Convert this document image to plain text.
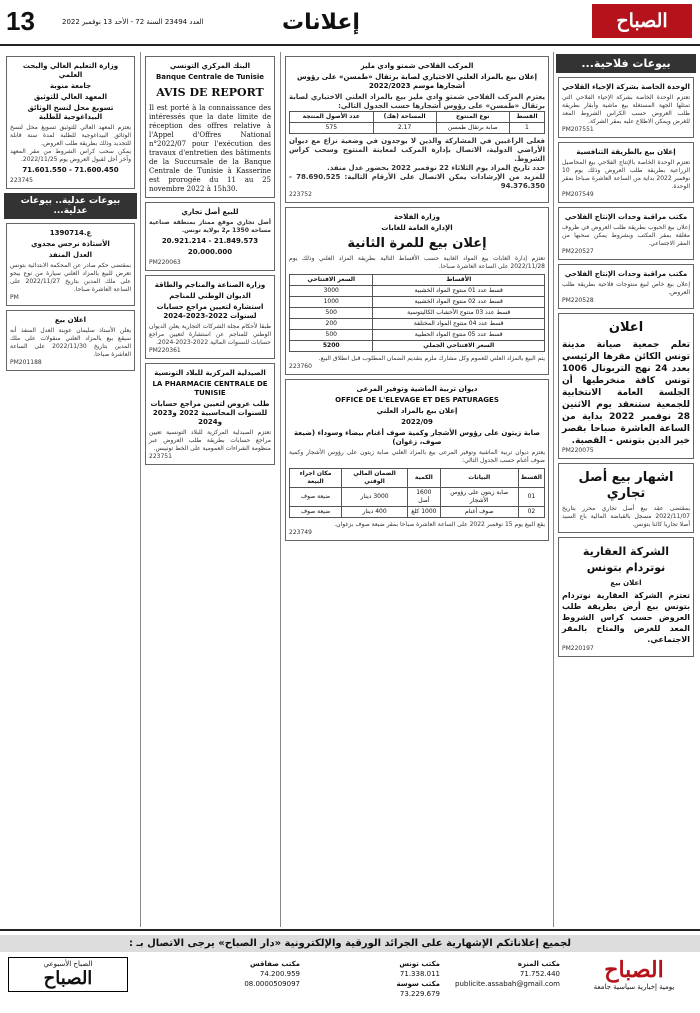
13	العدد 23494 السنة 72 - الأحد 13 نوفمبر 2022	إعلانات	الصباح
بيوعات فلاحية...
الوحدة الخاصة بشركة الإحياء الفلاحي
تعتزم الوحدة الخاصة بشركة الإحياء الفلاحي التي تمثلها الجهة المستغلة بيع ماشية وأبقار بطريقة طلب العروض حسب الكراس الشروط المعد للغرض ويمكن الاطلاع عليه بمقر الشركة.
PM207551
إعلان بيع بالطريقة التنافسية
تعتزم الوحدة الخاصة بالإنتاج الفلاحي بيع المحاصيل الزراعية بطريقة طلب العروض وذلك يوم 10 نوفمبر 2022 بداية من الساعة العاشرة صباحا بمقر الوحدة.
PM207549
مكتب مراقبة وحدات الإنتاج الفلاحي
إعلان بيع الحبوب بطريقة طلب العروض في ظروف مغلقة بمقر المكتب وبشروط يمكن سحبها من المقر الاجتماعي.
PM220527
مكتب مراقبة وحدات الإنتاج الفلاحي
إعلان بيع خاص لبيع منتوجات فلاحية بطريقة طلب العروض.
PM220528
اعلان
تعلم جمعية صيانة مدينة تونس الكائن مقرها الرئيسي بعدد 24 نهج التربونال 1006 تونس كافة منخرطيها أن الجلسة العامة الانتخابية للجمعية ستنعقد يوم الاثنين 28 نوفمبر 2022 بداية من الساعة العاشرة صباحا بقصر خير الدين بتونس - القصبة.
PM220075
اشهار بيع أصل تجاري
بمقتضى عقد بيع أصل تجاري محرر بتاريخ 2022/11/07 مسجل بالقباضة المالية باع السيد أصلا تجاريا كائنا بتونس.
الشركة العقارية نوتردام بتونس
اعلان بيع
تعتزم الشركة العقارية نوتردام بتونس بيع أرض بطريقة طلب العروض حسب كراس الشروط المعد للغرض والمتاح بالمقر الاجتماعي.
PM220197
المركب الفلاحي شمتو وادي مليز
إعلان بيع بالمزاد العلني الاختياري لصابة برتقال «طمسن» على رؤوس أشجارها موسم 2022/2023
يعتزم المركب الفلاحي شمتو وادي مليز بيع بالمزاد العلني الاختياري لصابة برتقال «طمسن» على رؤوس أشجارها حسب الجدول التالي:
القسط	نوع المنتوج	المساحة (هك)	عدد الأصول المنتجة
1	صابة برتقال طمسن	2.17	575
فعلى الراغبين في المشاركة والذين لا يوجدون في وضعية نزاع مع ديوان الأراضي الدولية، الاتصال بإدارة المركب لمعاينة المنتوج وسحب كراس الشروط.
حدد تاريخ المزاد يوم الثلاثاء 22 نوفمبر 2022 بحضور عدل منفذ.
للمزيد من الإرشادات يمكن الاتصال على الأرقام التالية: 78.690.525 - 94.376.350
223752
وزارة الفلاحة
الإدارة العامة للغابات
إعلان بيع للمرة الثانية
تعتزم إدارة الغابات بيع المواد الغابية حسب الأقساط التالية بطريقة المزاد العلني وذلك يوم 2022/11/28 على الساعة العاشرة صباحا.
الأقساط	السعر الافتتاحي
قسط عدد 01 منتوج المواد الخشبية	3000
قسط عدد 02 منتوج المواد الخشبية	1000
قسط عدد 03 منتوج الأخشاب الكاليتوسية	500
قسط عدد 04 منتوج المواد المختلفة	200
قسط عدد 05 منتوج المواد الحطبية	500
السعر الافتتاحي الجملي	5200
يتم البيع بالمزاد العلني للعموم وكل مشارك ملزم بتقديم الضمان المطلوب قبل انطلاق البيع.
223760
ديوان تربية الماشية وتوفير المرعى
OFFICE DE L'ELEVAGE ET DES PATURAGES
إعلان بيع بالمزاد العلني
2022/09
صابة زيتون على رؤوس الأشجار وكمية صوف أغنام بيضاء وسوداء (ضيعة صوف، زغوان)
يعتزم ديوان تربية الماشية وتوفير المرعى بيع بالمزاد العلني صابة زيتون على رؤوس الأشجار وكمية صوف أغنام حسب الجدول التالي:
القسط	البيانات	الكمية	الضمان المالي الوقتي	مكان اجراء البيعة
01	صابة زيتون على رؤوس الأشجار	1600 أصل	3000 دينار	ضيعة صوف
02	صوف أغنام	1000 كلغ	400 دينار	ضيعة صوف
يقع البيع يوم 15 نوفمبر 2022 على الساعة العاشرة صباحا بمقر ضيعة صوف بزغوان.
223749
البنك المركزي التونسي
Banque Centrale de Tunisie
AVIS DE REPORT
Il est porté à la connaissance des intéressés que la date limite de réception des offres relative à l'Appel d'Offres National n°2022/07 pour l'exécution des travaux d'entretien des bâtiments de la Succursale de la Banque Centrale de Tunisie à Kasserine est prorogée du 11 au 25 novembre 2022 à 15h30.
للبيع أصل تجاري
أصل تجاري موقع ممتاز بمنطقة صناعية مساحة 1350 م2 بولاية تونس.
21.849.573 - 20.921.214
20.000.000
PM220063
وزارة الصناعة والمناجم والطاقة
الديوان الوطني للمناجم
استشارة لتعيين مراجع حسابات لسنوات 2022-2023-2024
طبقا لأحكام مجلة الشركات التجارية يعلن الديوان الوطني للمناجم عن استشارة لتعيين مراجع حسابات للسنوات المالية 2022-2023-2024.
PM220361
الصيدلية المركزية للبلاد التونسية
LA PHARMACIE CENTRALE DE TUNISIE
طلب عروض لتعيين مراجع حسابات للسنوات المحاسبية 2022 و2023 و2024
تعتزم الصيدلية المركزية للبلاد التونسية تعيين مراجع حسابات بطريقة طلب العروض عبر منظومة الشراءات العمومية على الخط تونيبس.
223751
وزارة التعليم العالي والبحث العلمي
جامعة منوبة
المعهد العالي للتوثيق
تسويغ محل لنسخ الوثائق البيداغوجية للطلبة
يعتزم المعهد العالي للتوثيق تسويغ محل لنسخ الوثائق البيداغوجية للطلبة لمدة سنة قابلة للتجديد وذلك بطريقة طلب العروض.
يمكن سحب كراس الشروط من مقر المعهد وآخر أجل لقبول العروض يوم 2022/11/25.
71.600.450 - 71.601.550
223745
بيوعات عدلية.. بيوعات عدلية...
ع.1390714
الأستاذة نرجس مجدوي
العدل المنفذ
بمقتضى حكم صادر عن المحكمة الابتدائية بتونس تعرض للبيع بالمزاد العلني سيارة من نوع بيجو على ملك المدين بتاريخ 2022/11/27 على الساعة العاشرة صباحا.
PM
اعلان بيع
يعلن الأستاذ سليمان عوينة العدل المنفذ أنه سيقع بيع بالمزاد العلني منقولات على ملك المدين بتاريخ 2022/11/30 على الساعة العاشرة صباحا.
PM201188
لجميع إعلاناتكم الإشهارية على الجرائد الورقية والإلكترونية «دار الصباح» يرجى الاتصال بـ :
الصباح
يومية إخبارية سياسية جامعة
مكتب المنزه
71.752.440
publicite.assabah@gmail.com
مكتب تونس
71.338.011
مكتب سوسة
73.229.679
مكتب صفاقس
74.200.959
08.0000509097
الصباح الأسبوعي
الصباح
